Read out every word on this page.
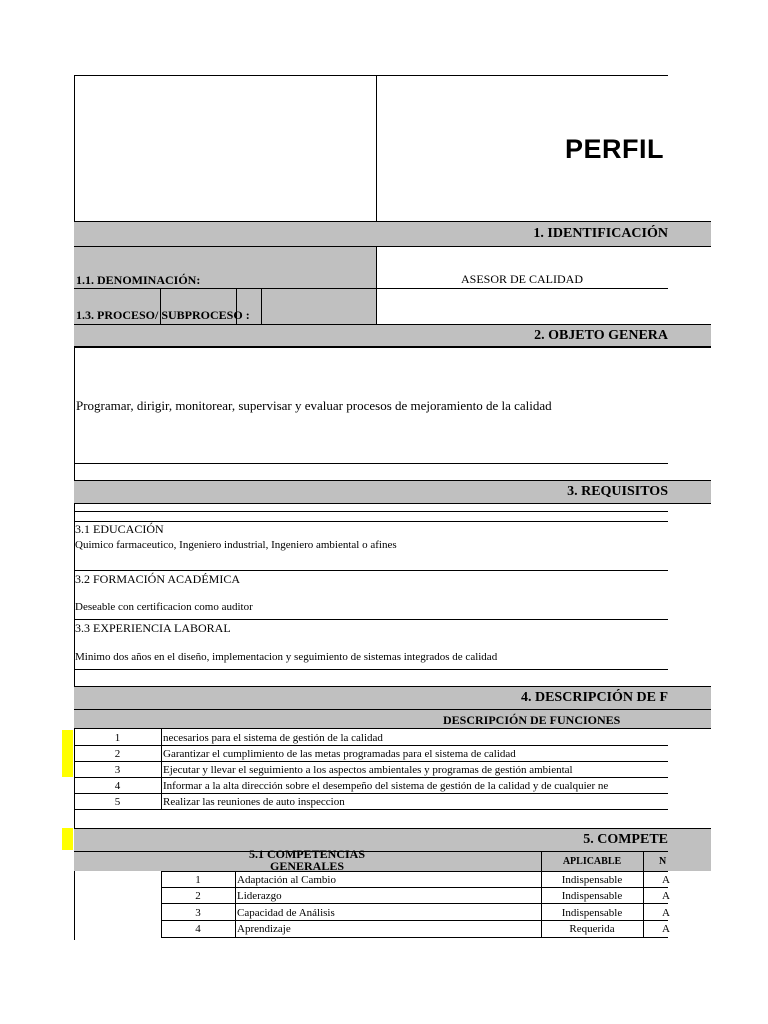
PERFIL
1. IDENTIFICACIÓN
1.1. DENOMINACIÓN:	ASESOR DE CALIDAD
1.3. PROCESO/ SUBPROCESO :
2. OBJETO GENERA
Programar, dirigir, monitorear, supervisar y evaluar procesos de mejoramiento de la calidad
3. REQUISITOS
3.1 EDUCACIÓN
Quimico farmaceutico, Ingeniero industrial, Ingeniero ambiental o afines
3.2 FORMACIÓN ACADÉMICA
Deseable con certificacion como auditor
3.3 EXPERIENCIA LABORAL
Minimo dos años en el diseño, implementacion y seguimiento de sistemas integrados de calidad
4. DESCRIPCIÓN DE F
DESCRIPCIÓN DE FUNCIONES
1	necesarios para el sistema de gestión de la calidad
2	Garantizar el cumplimiento de las metas programadas para el sistema de calidad
3	Ejecutar y llevar el seguimiento a los aspectos ambientales y programas de gestión ambiental
4	Informar a la alta dirección sobre el desempeño del sistema de gestión de la calidad y de cualquier ne
5	Realizar las reuniones de auto inspeccion
5. COMPETE
5.1 COMPETENCIAS GENERALES	APLICABLE	N
1	Adaptación al Cambio	Indispensable	A
2	Liderazgo	Indispensable	A
3	Capacidad de Análisis	Indispensable	A
4	Aprendizaje	Requerida	A
